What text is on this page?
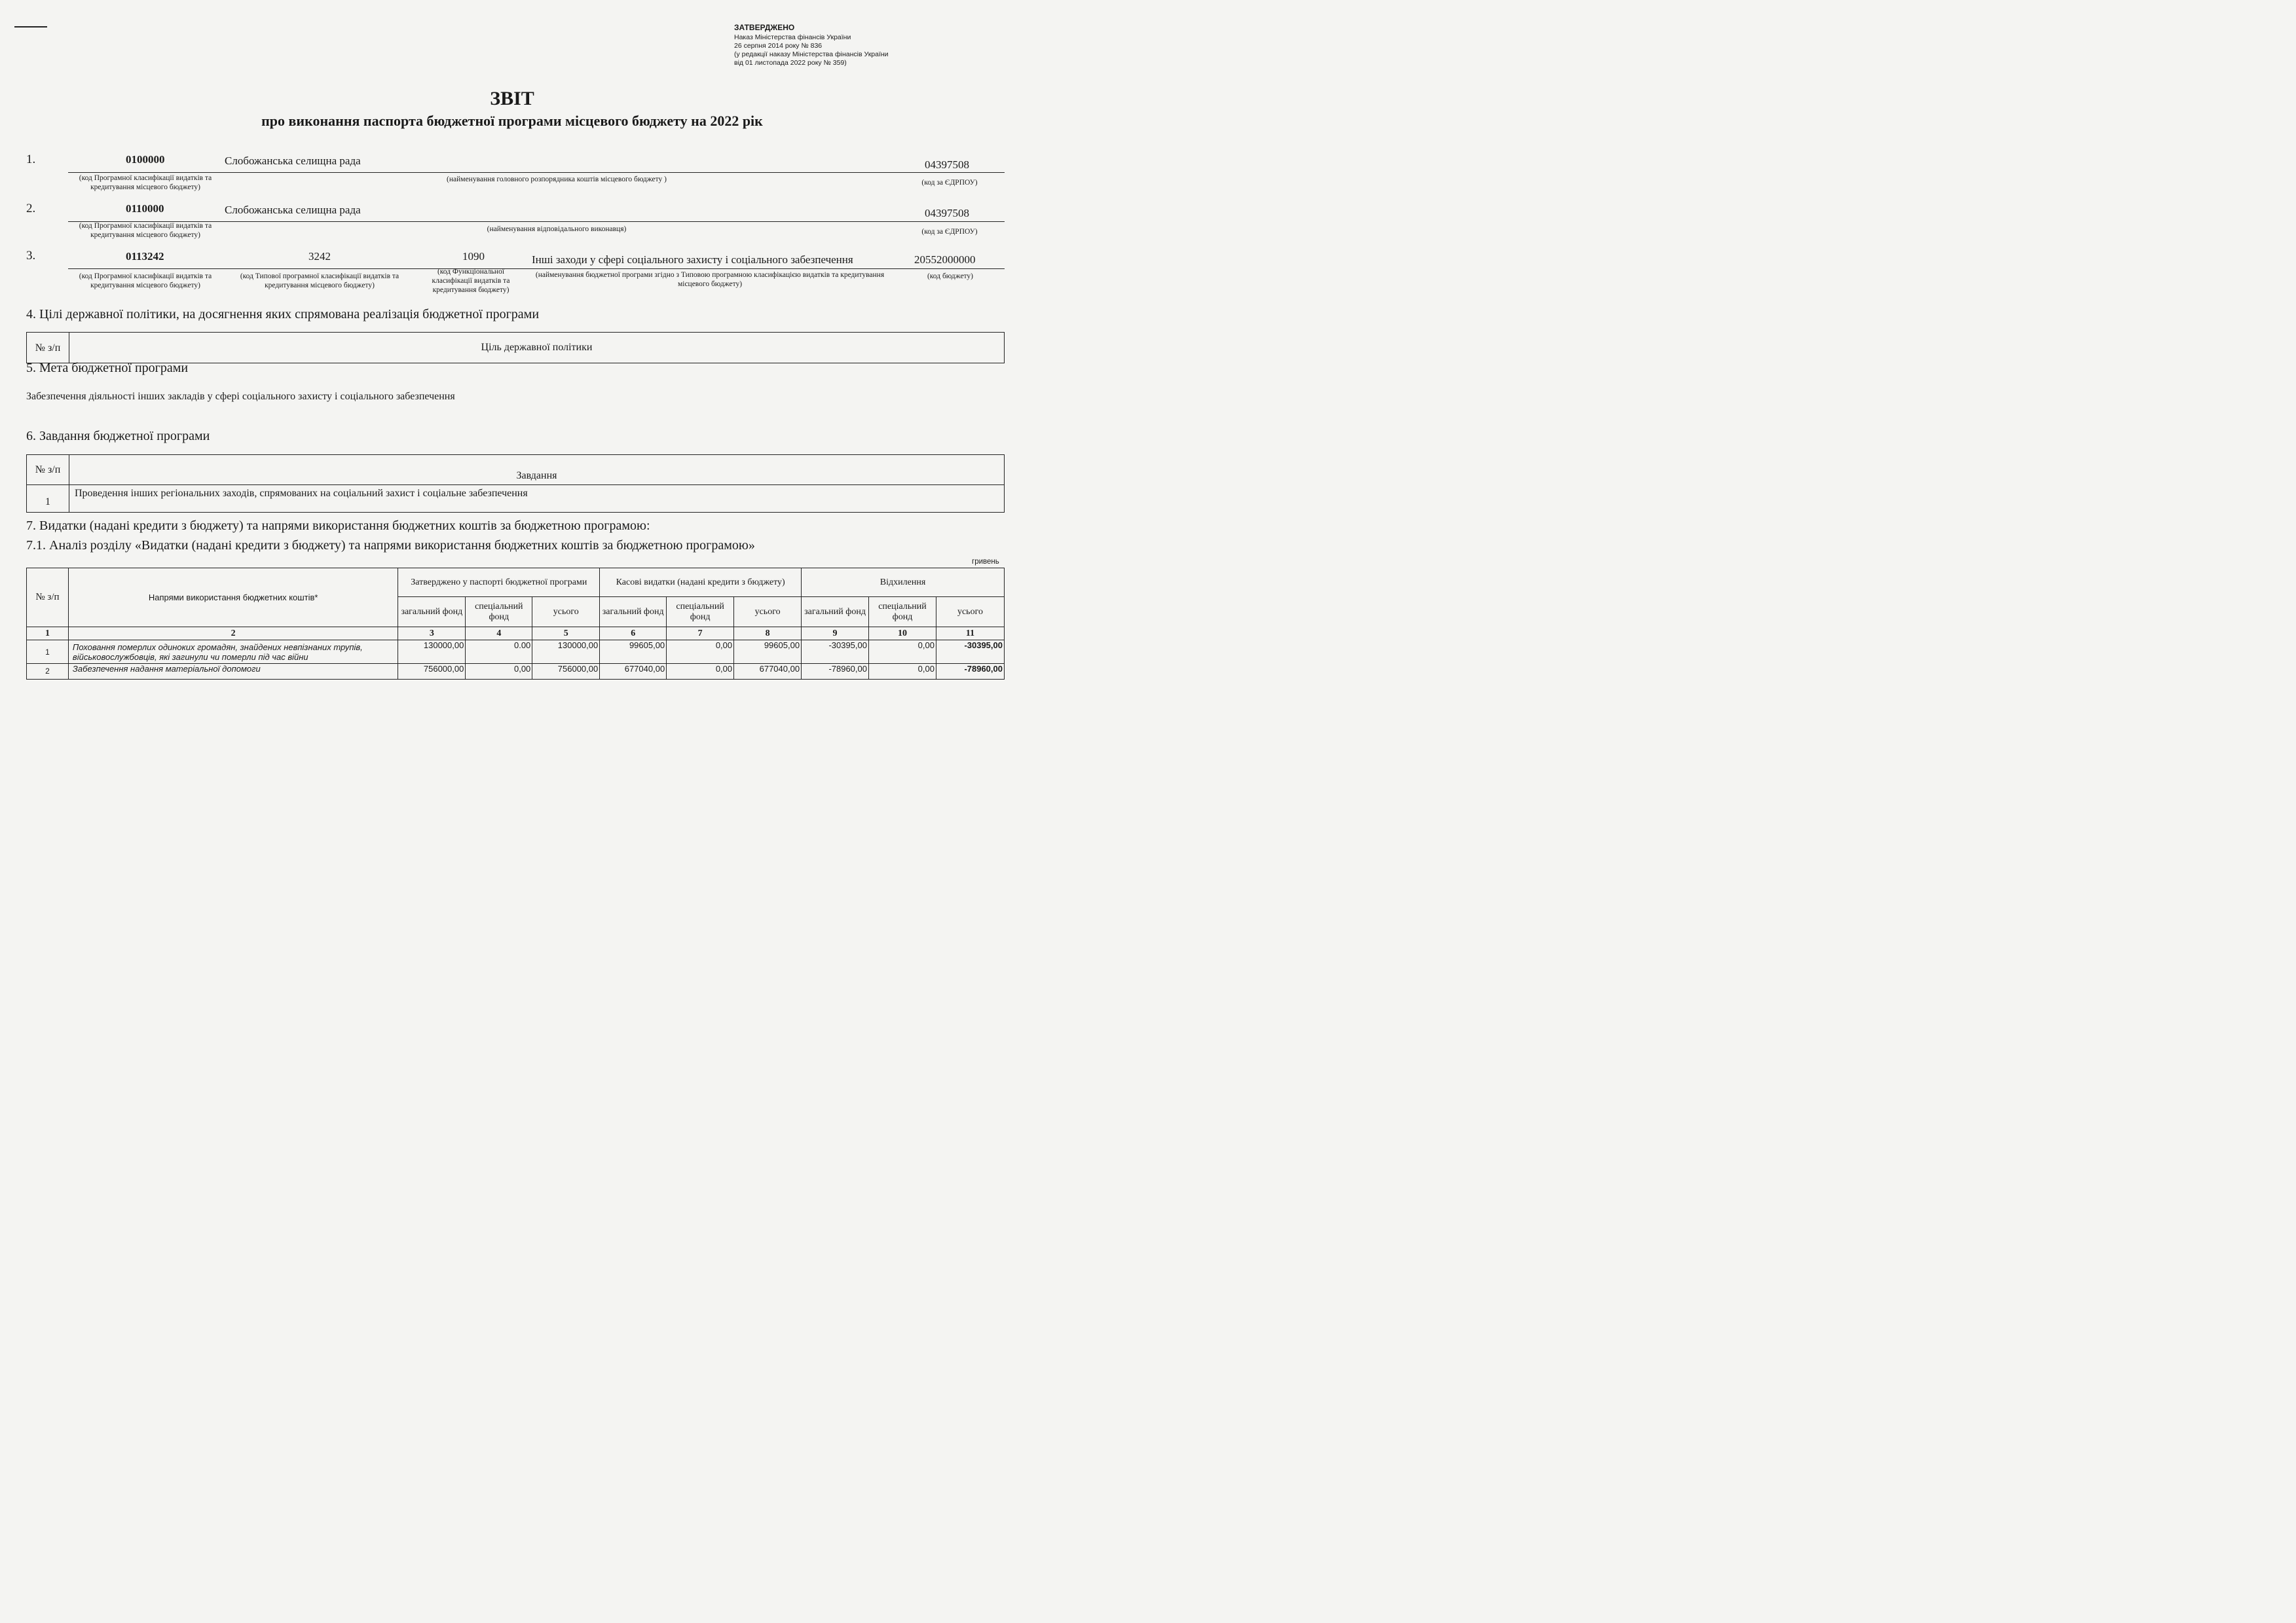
ЗАТВЕРДЖЕНО
Наказ Міністерства фінансів України
26 серпня 2014 року № 836
(у редакції наказу Міністерства фінансів України
від 01 листопада 2022 року № 359)
ЗВІТ
про виконання паспорта бюджетної програми місцевого бюджету на 2022 рік
1.	0100000	Слобожанська селищна рада	04397508
(код Програмної класифікації видатків та кредитування місцевого бюджету)
(найменування головного розпорядника коштів місцевого бюджету )	(код за ЄДРПОУ)
2.	0110000	Слобожанська селищна рада	04397508
(код Програмної класифікації видатків та кредитування місцевого бюджету)
(найменування відповідального виконавця)	(код за ЄДРПОУ)
3.	0113242	3242	1090	Інші заходи у сфері соціального захисту і соціального забезпечення	20552000000
(код Програмної класифікації видатків та кредитування місцевого бюджету)
(код Типової програмної класифікації видатків та кредитування місцевого бюджету)
(код Функціональної класифікації видатків та кредитування бюджету)
(найменування бюджетної програми згідно з Типовою програмною класифікацією видатків та кредитування місцевого бюджету)
(код бюджету)
4. Цілі державної політики, на досягнення яких спрямована реалізація бюджетної програми
№ з/п	Ціль державної політики
5. Мета бюджетної програми
Забезпечення діяльності інших закладів у сфері соціального захисту і соціального забезпечення
6. Завдання бюджетної програми
№ з/п	Завдання
1	Проведення інших регіональних заходів, спрямованих на соціальний захист і соціальне забезпечення
7. Видатки (надані кредити з бюджету) та напрями використання бюджетних коштів за бюджетною програмою:
7.1. Аналіз розділу «Видатки (надані кредити з бюджету) та напрями використання бюджетних коштів за бюджетною програмою»
гривень
№ з/п	Напрями використання бюджетних коштів*	Затверджено у паспорті бюджетної програми			Касові видатки (надані кредити з бюджету)			Відхилення		
		загальний фонд	спеціальний фонд	усього	загальний фонд	спеціальний фонд	усього	загальний фонд	спеціальний фонд	усього
1	2	3	4	5	6	7	8	9	10	11
1	Поховання померлих одиноких громадян, знайдених невпізнаних трупів, військовослужбовців, які загинули чи померли під час війни	130000,00	0.00	130000,00	99605,00	0,00	99605,00	-30395,00	0,00	-30395,00
2	Забезпечення надання матеріальної допомоги	756000,00	0,00	756000,00	677040,00	0,00	677040,00	-78960,00	0,00	-78960,00
